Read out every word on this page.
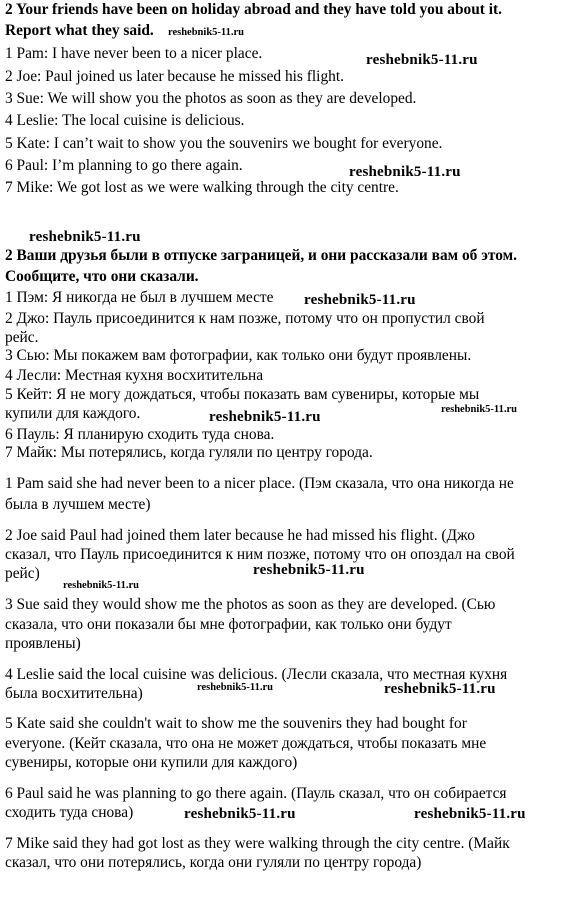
2 Your friends have been on holiday abroad and they have told you about it.
Report what they said.
1 Pam: I have never been to a nicer place.
2 Joe: Paul joined us later because he missed his flight.
3 Sue: We will show you the photos as soon as they are developed.
4 Leslie: The local cuisine is delicious.
5 Kate: I can’t wait to show you the souvenirs we bought for everyone.
6 Paul: I’m planning to go there again.
7 Mike: We got lost as we were walking through the city centre.
2 Ваши друзья были в отпуске заграницей, и они рассказали вам об этом.
Сообщите, что они сказали.
1 Пэм: Я никогда не был в лучшем месте
2 Джо: Пауль присоединится к нам позже, потому что он пропустил свой
рейс.
3 Сью: Мы покажем вам фотографии, как только они будут проявлены.
4 Лесли: Местная кухня восхитительна
5 Кейт: Я не могу дождаться, чтобы показать вам сувениры, которые мы
купили для каждого.
6 Пауль: Я планирую сходить туда снова.
7 Майк: Мы потерялись, когда гуляли по центру города.
1 Pam said she had never been to a nicer place. (Пэм сказала, что она никогда не
была в лучшем месте)
2 Joe said Paul had joined them later because he had missed his flight. (Джо
сказал, что Пауль присоединится к ним позже, потому что он опоздал на свой
рейс)
3 Sue said they would show me the photos as soon as they are developed. (Сью
сказала, что они показали бы мне фотографии, как только они будут
проявлены)
4 Leslie said the local cuisine was delicious. (Лесли сказала, что местная кухня
была восхитительна)
5 Kate said she couldn't wait to show me the souvenirs they had bought for
everyone. (Кейт сказала, что она не может дождаться, чтобы показать мне
сувениры, которые они купили для каждого)
6 Paul said he was planning to go there again. (Пауль сказал, что он собирается
сходить туда снова)
7 Mike said they had got lost as they were walking through the city centre. (Майк
сказал, что они потерялись, когда они гуляли по центру города)
reshebnik5-11.ru
reshebnik5-11.ru
reshebnik5-11.ru
reshebnik5-11.ru
reshebnik5-11.ru
reshebnik5-11.ru	reshebnik5-11.ru
reshebnik5-11.ru
reshebnik5-11.ru
reshebnik5-11.ru	reshebnik5-11.ru
reshebnik5-11.ru	reshebnik5-11.ru
